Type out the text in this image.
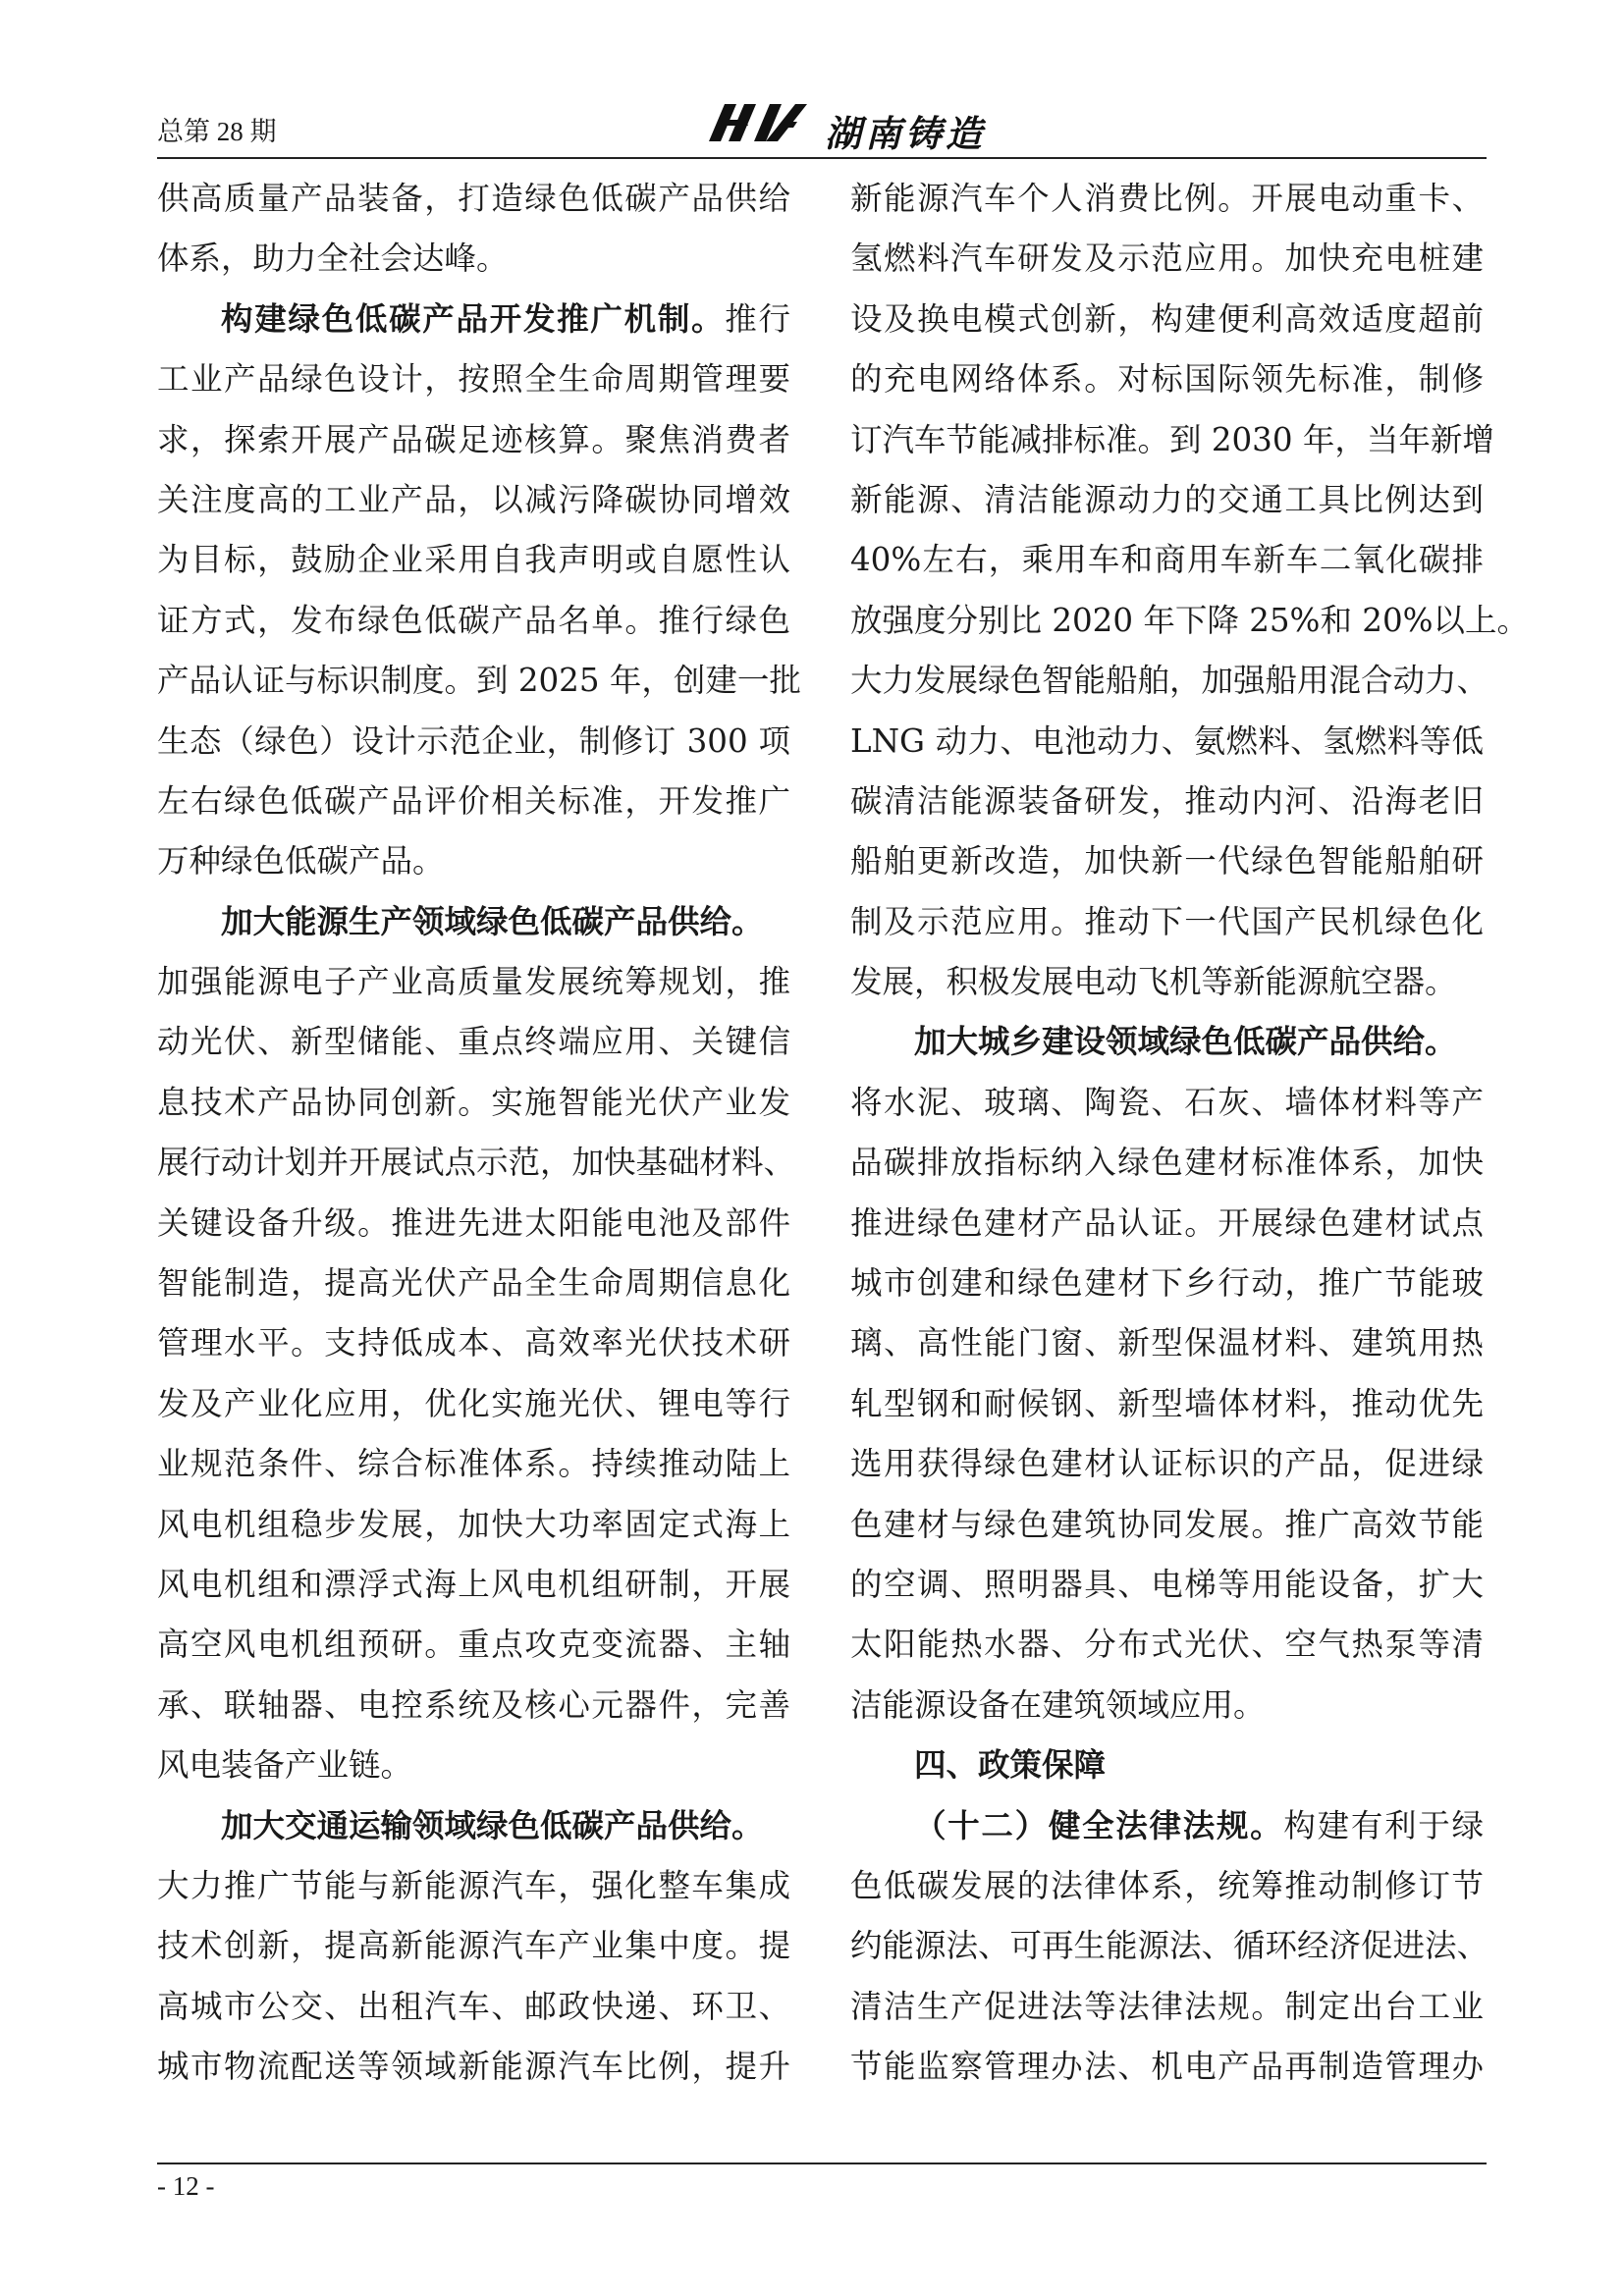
总第 28 期	湖南铸造
供高质量产品装备，打造绿色低碳产品供给
体系，助力全社会达峰。
构建绿色低碳产品开发推广机制。推行
工业产品绿色设计，按照全生命周期管理要
求，探索开展产品碳足迹核算。聚焦消费者
关注度高的工业产品，以减污降碳协同增效
为目标，鼓励企业采用自我声明或自愿性认
证方式，发布绿色低碳产品名单。推行绿色
产品认证与标识制度。到 2025 年，创建一批
生态（绿色）设计示范企业，制修订 300 项
左右绿色低碳产品评价相关标准，开发推广
万种绿色低碳产品。
加大能源生产领域绿色低碳产品供给。
加强能源电子产业高质量发展统筹规划，推
动光伏、新型储能、重点终端应用、关键信
息技术产品协同创新。实施智能光伏产业发
展行动计划并开展试点示范，加快基础材料、
关键设备升级。推进先进太阳能电池及部件
智能制造，提高光伏产品全生命周期信息化
管理水平。支持低成本、高效率光伏技术研
发及产业化应用，优化实施光伏、锂电等行
业规范条件、综合标准体系。持续推动陆上
风电机组稳步发展，加快大功率固定式海上
风电机组和漂浮式海上风电机组研制，开展
高空风电机组预研。重点攻克变流器、主轴
承、联轴器、电控系统及核心元器件，完善
风电装备产业链。
加大交通运输领域绿色低碳产品供给。
大力推广节能与新能源汽车，强化整车集成
技术创新，提高新能源汽车产业集中度。提
高城市公交、出租汽车、邮政快递、环卫、
城市物流配送等领域新能源汽车比例，提升
新能源汽车个人消费比例。开展电动重卡、
氢燃料汽车研发及示范应用。加快充电桩建
设及换电模式创新，构建便利高效适度超前
的充电网络体系。对标国际领先标准，制修
订汽车节能减排标准。到 2030 年，当年新增
新能源、清洁能源动力的交通工具比例达到
40%左右，乘用车和商用车新车二氧化碳排
放强度分别比 2020 年下降 25%和 20%以上。
大力发展绿色智能船舶，加强船用混合动力、
LNG 动力、电池动力、氨燃料、氢燃料等低
碳清洁能源装备研发，推动内河、沿海老旧
船舶更新改造，加快新一代绿色智能船舶研
制及示范应用。推动下一代国产民机绿色化
发展，积极发展电动飞机等新能源航空器。
加大城乡建设领域绿色低碳产品供给。
将水泥、玻璃、陶瓷、石灰、墙体材料等产
品碳排放指标纳入绿色建材标准体系，加快
推进绿色建材产品认证。开展绿色建材试点
城市创建和绿色建材下乡行动，推广节能玻
璃、高性能门窗、新型保温材料、建筑用热
轧型钢和耐候钢、新型墙体材料，推动优先
选用获得绿色建材认证标识的产品，促进绿
色建材与绿色建筑协同发展。推广高效节能
的空调、照明器具、电梯等用能设备，扩大
太阳能热水器、分布式光伏、空气热泵等清
洁能源设备在建筑领域应用。
四、政策保障
（十二）健全法律法规。构建有利于绿
色低碳发展的法律体系，统筹推动制修订节
约能源法、可再生能源法、循环经济促进法、
清洁生产促进法等法律法规。制定出台工业
节能监察管理办法、机电产品再制造管理办
- 12 -
